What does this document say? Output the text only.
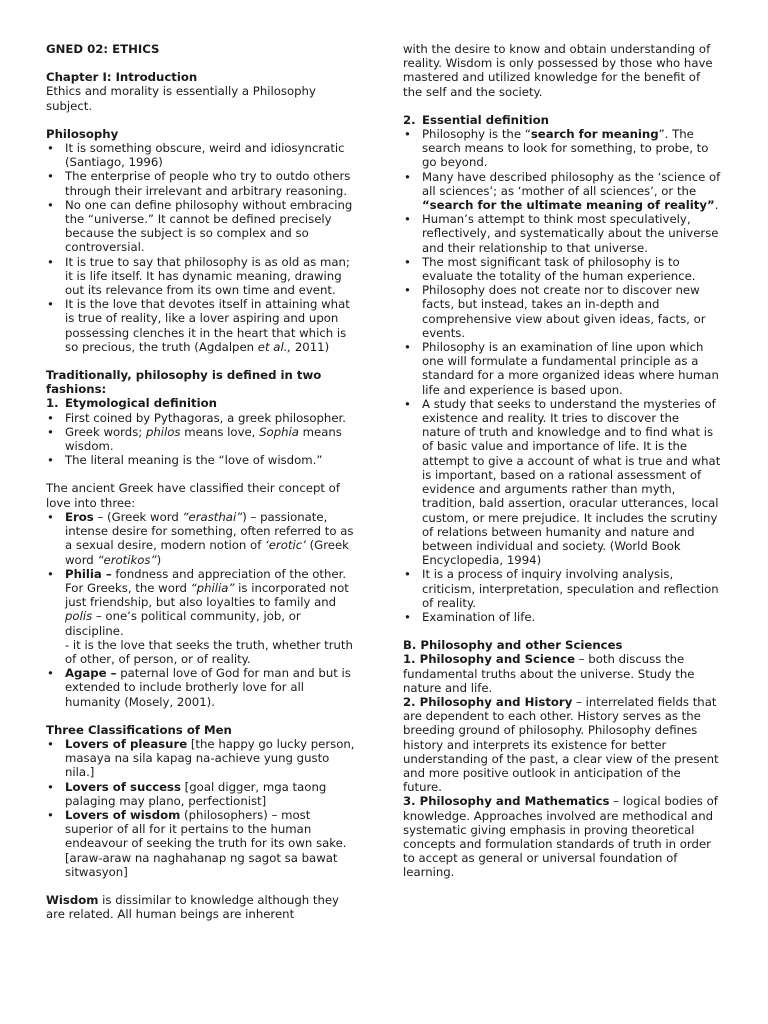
GNED 02: ETHICS

Chapter I: Introduction

Ethics and morality is essentially a Philosophy subject.

Philosophy

• It is something obscure, weird and idiosyncratic (Santiago, 1996)
• The enterprise of people who try to outdo others through their irrelevant and arbitrary reasoning.
• No one can define philosophy without embracing the “universe.” It cannot be defined precisely because the subject is so complex and so controversial.
• It is true to say that philosophy is as old as man; it is life itself. It has dynamic meaning, drawing out its relevance from its own time and event.
• It is the love that devotes itself in attaining what is true of reality, like a lover aspiring and upon possessing clenches it in the heart that which is so precious, the truth (Agdalpen et al., 2011)

Traditionally, philosophy is defined in two fashions:

1. Etymological definition

• First coined by Pythagoras, a greek philosopher.
• Greek words; philos means love, Sophia means wisdom.
• The literal meaning is the “love of wisdom.”

The ancient Greek have classified their concept of love into three:

• Eros – (Greek word “erasthai”) – passionate, intense desire for something, often referred to as a sexual desire, modern notion of ‘erotic’ (Greek word “erotikos”)
• Philia – fondness and appreciation of the other. For Greeks, the word “philia” is incorporated not just friendship, but also loyalties to family and polis – one’s political community, job, or discipline.
- it is the love that seeks the truth, whether truth of other, of person, or of reality.
• Agape – paternal love of God for man and but is extended to include brotherly love for all humanity (Mosely, 2001).

Three Classifications of Men

• Lovers of pleasure [the happy go lucky person, masaya na sila kapag na-achieve yung gusto nila.]
• Lovers of success [goal digger, mga taong palaging may plano, perfectionist]
• Lovers of wisdom (philosophers) – most superior of all for it pertains to the human endeavour of seeking the truth for its own sake. [araw-araw na naghahanap ng sagot sa bawat sitwasyon]

Wisdom is dissimilar to knowledge although they are related. All human beings are inherent

with the desire to know and obtain understanding of reality. Wisdom is only possessed by those who have mastered and utilized knowledge for the benefit of the self and the society.

2. Essential definition

• Philosophy is the “search for meaning”. The search means to look for something, to probe, to go beyond.
• Many have described philosophy as the ‘science of all sciences’; as ‘mother of all sciences’, or the “search for the ultimate meaning of reality”.
• Human’s attempt to think most speculatively, reflectively, and systematically about the universe and their relationship to that universe.
• The most significant task of philosophy is to evaluate the totality of the human experience.
• Philosophy does not create nor to discover new facts, but instead, takes an in-depth and comprehensive view about given ideas, facts, or events.
• Philosophy is an examination of line upon which one will formulate a fundamental principle as a standard for a more organized ideas where human life and experience is based upon.
• A study that seeks to understand the mysteries of existence and reality. It tries to discover the nature of truth and knowledge and to find what is of basic value and importance of life. It is the attempt to give a account of what is true and what is important, based on a rational assessment of evidence and arguments rather than myth, tradition, bald assertion, oracular utterances, local custom, or mere prejudice. It includes the scrutiny of relations between humanity and nature and between individual and society. (World Book Encyclopedia, 1994)
• It is a process of inquiry involving analysis, criticism, interpretation, speculation and reflection of reality.
• Examination of life.

B. Philosophy and other Sciences

1. Philosophy and Science – both discuss the fundamental truths about the universe. Study the nature and life.

2. Philosophy and History – interrelated fields that are dependent to each other. History serves as the breeding ground of philosophy. Philosophy defines history and interprets its existence for better understanding of the past, a clear view of the present and more positive outlook in anticipation of the future.

3. Philosophy and Mathematics – logical bodies of knowledge. Approaches involved are methodical and systematic giving emphasis in proving theoretical concepts and formulation standards of truth in order to accept as general or universal foundation of learning.
